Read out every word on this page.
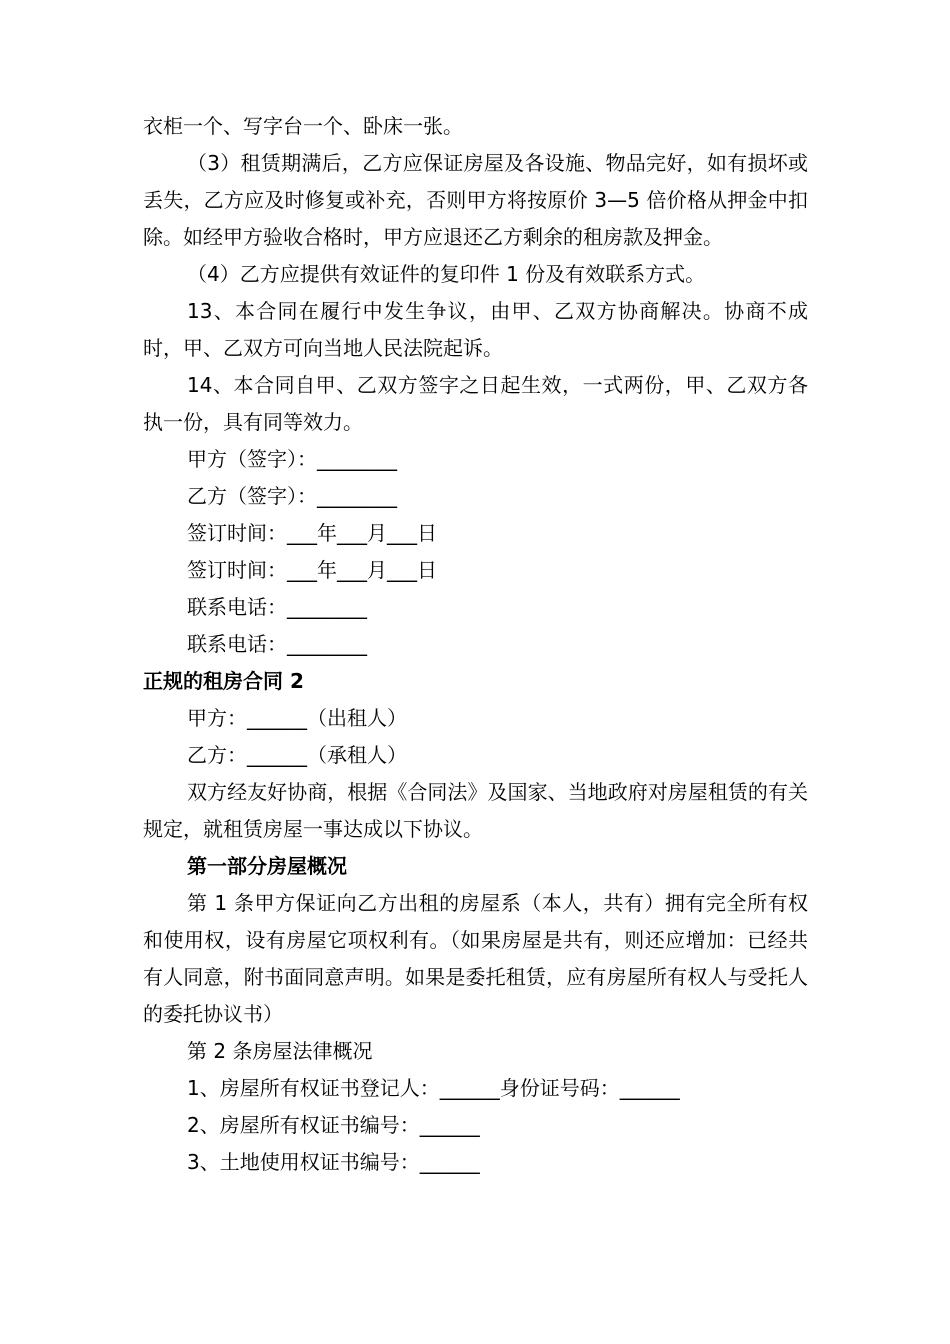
衣柜一个、写字台一个、卧床一张。

（3）租赁期满后，乙方应保证房屋及各设施、物品完好，如有损坏或丢失，乙方应及时修复或补充，否则甲方将按原价 3—5 倍价格从押金中扣除。如经甲方验收合格时，甲方应退还乙方剩余的租房款及押金。

（4）乙方应提供有效证件的复印件 1 份及有效联系方式。

13、本合同在履行中发生争议，由甲、乙双方协商解决。协商不成时，甲、乙双方可向当地人民法院起诉。

14、本合同自甲、乙双方签字之日起生效，一式两份，甲、乙双方各执一份，具有同等效力。

甲方（签字）：________

乙方（签字）：________

签订时间：___年___月___日

签订时间：___年___月___日

联系电话：________

联系电话：________

正规的租房合同 2

甲方：______（出租人）

乙方：______（承租人）

双方经友好协商，根据《合同法》及国家、当地政府对房屋租赁的有关规定，就租赁房屋一事达成以下协议。

第一部分房屋概况

第 1 条甲方保证向乙方出租的房屋系（本人，共有）拥有完全所有权和使用权，设有房屋它项权利有。（如果房屋是共有，则还应增加：已经共有人同意，附书面同意声明。如果是委托租赁，应有房屋所有权人与受托人的委托协议书）

第 2 条房屋法律概况

1、房屋所有权证书登记人：______身份证号码：______

2、房屋所有权证书编号：______

3、土地使用权证书编号：______
